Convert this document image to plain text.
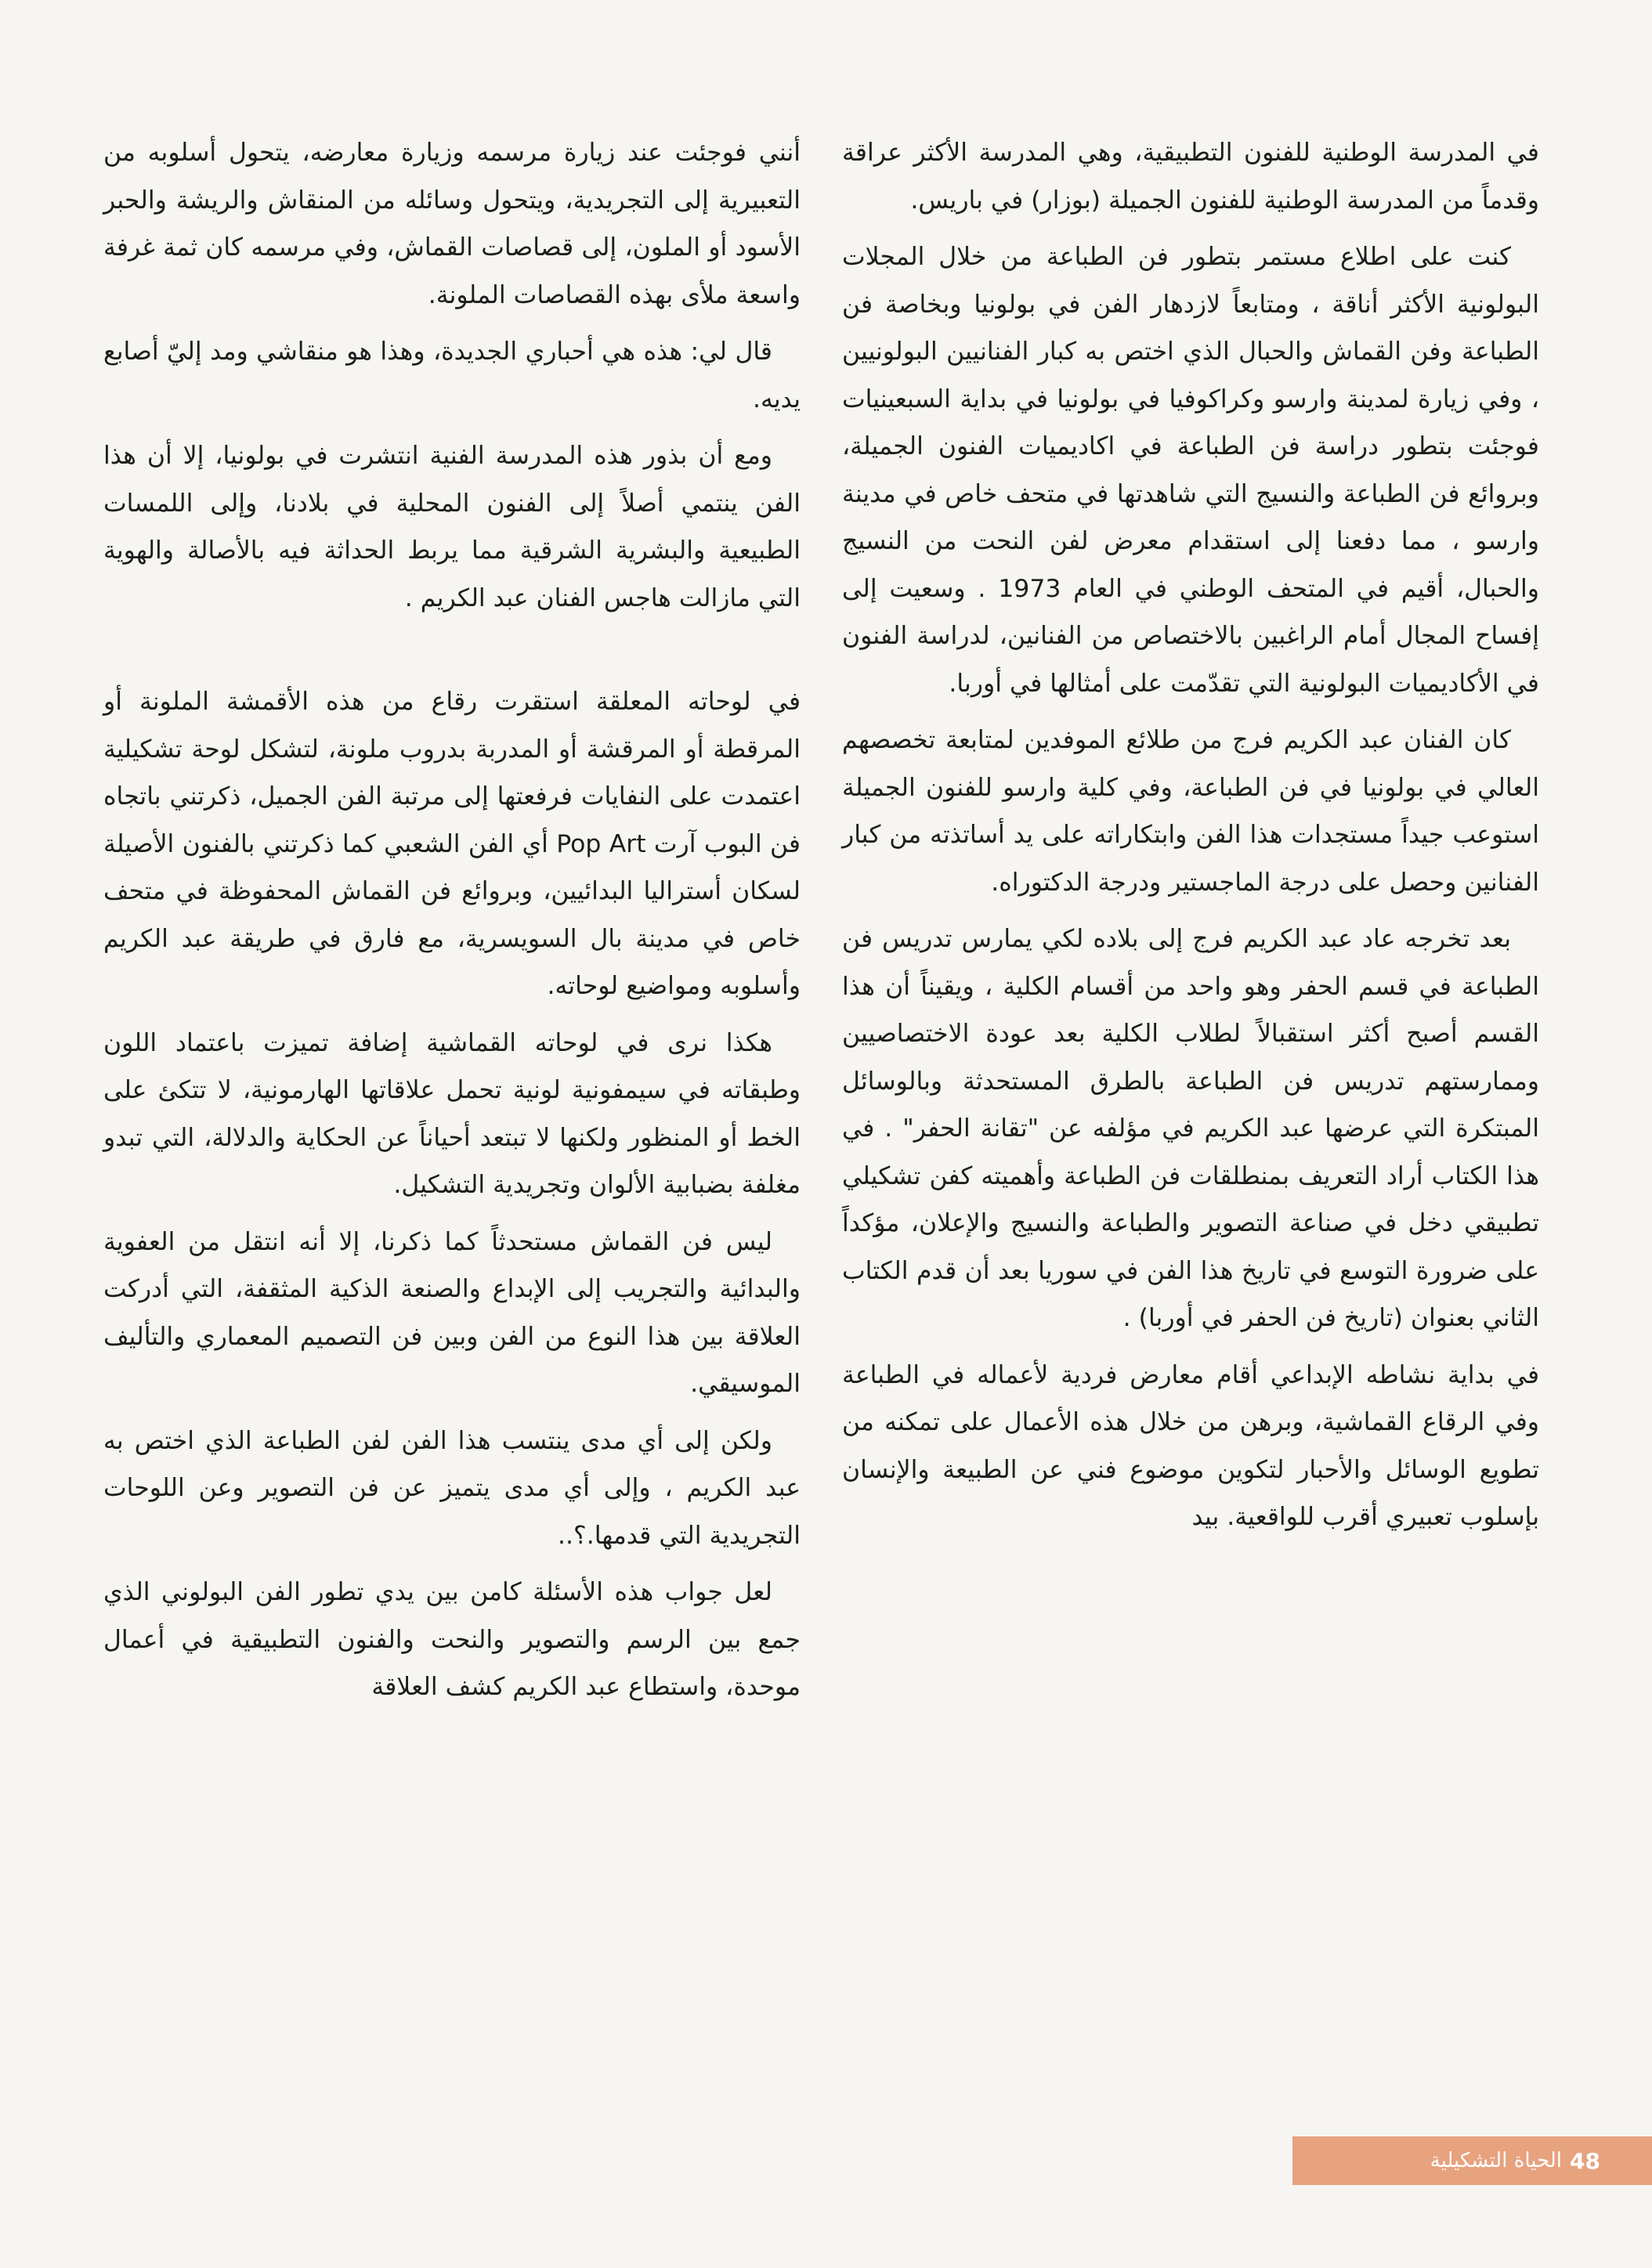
في المدرسة الوطنية للفنون التطبيقية، وهي المدرسة الأكثر عراقة وقدماً من المدرسة الوطنية للفنون الجميلة (بوزار) في باريس.

كنت على اطلاع مستمر بتطور فن الطباعة من خلال المجلات البولونية الأكثر أناقة ، ومتابعاً لازدهار الفن في بولونيا وبخاصة فن الطباعة وفن القماش والحبال الذي اختص به كبار الفنانيين البولونيين ، وفي زيارة لمدينة وارسو وكراكوفيا في بولونيا في بداية السبعينيات فوجئت بتطور دراسة فن الطباعة في اكاديميات الفنون الجميلة، وبروائع فن الطباعة والنسيج التي شاهدتها في متحف خاص في مدينة وارسو ، مما دفعنا إلى استقدام معرض لفن النحت من النسيج والحبال، أقيم في المتحف الوطني في العام 1973 . وسعيت إلى إفساح المجال أمام الراغبين بالاختصاص من الفنانين، لدراسة الفنون في الأكاديميات البولونية التي تقدّمت على أمثالها في أوربا.

كان الفنان عبد الكريم فرج من طلائع الموفدين لمتابعة تخصصهم العالي في بولونيا في فن الطباعة، وفي كلية وارسو للفنون الجميلة استوعب جيداً مستجدات هذا الفن وابتكاراته على يد أساتذته من كبار الفنانين وحصل على درجة الماجستير ودرجة الدكتوراه.

بعد تخرجه عاد عبد الكريم فرج إلى بلاده لكي يمارس تدريس فن الطباعة في قسم الحفر وهو واحد من أقسام الكلية ، ويقيناً أن هذا القسم أصبح أكثر استقبالاً لطلاب الكلية بعد عودة الاختصاصيين وممارستهم تدريس فن الطباعة بالطرق المستحدثة وبالوسائل المبتكرة التي عرضها عبد الكريم في مؤلفه عن "تقانة الحفر" . في هذا الكتاب أراد التعريف بمنطلقات فن الطباعة وأهميته كفن تشكيلي تطبيقي دخل في صناعة التصوير والطباعة والنسيج والإعلان، مؤكداً على ضرورة التوسع في تاريخ هذا الفن في سوريا بعد أن قدم الكتاب الثاني بعنوان (تاريخ فن الحفر في أوربا) .

في بداية نشاطه الإبداعي أقام معارض فردية لأعماله في الطباعة وفي الرقاع القماشية، وبرهن من خلال هذه الأعمال على تمكنه من تطويع الوسائل والأحبار لتكوين موضوع فني عن الطبيعة والإنسان بإسلوب تعبيري أقرب للواقعية. بيد

أنني فوجئت عند زيارة مرسمه وزيارة معارضه، يتحول أسلوبه من التعبيرية إلى التجريدية، ويتحول وسائله من المنقاش والريشة والحبر الأسود أو الملون، إلى قصاصات القماش، وفي مرسمه كان ثمة غرفة واسعة ملأى بهذه القصاصات الملونة.

قال لي: هذه هي أحباري الجديدة، وهذا هو منقاشي ومد إليّ أصابع يديه.

ومع أن بذور هذه المدرسة الفنية انتشرت في بولونيا، إلا أن هذا الفن ينتمي أصلاً إلى الفنون المحلية في بلادنا، وإلى اللمسات الطبيعية والبشرية الشرقية مما يربط الحداثة فيه بالأصالة والهوية التي مازالت هاجس الفنان عبد الكريم .

في لوحاته المعلقة استقرت رقاع من هذه الأقمشة الملونة أو المرقطة أو المرقشة أو المدربة بدروب ملونة، لتشكل لوحة تشكيلية اعتمدت على النفايات فرفعتها إلى مرتبة الفن الجميل، ذكرتني باتجاه فن البوب آرت Pop Art أي الفن الشعبي كما ذكرتني بالفنون الأصيلة لسكان أستراليا البدائيين، وبروائع فن القماش المحفوظة في متحف خاص في مدينة بال السويسرية، مع فارق في طريقة عبد الكريم وأسلوبه ومواضيع لوحاته.

هكذا نرى في لوحاته القماشية إضافة تميزت باعتماد اللون وطبقاته في سيمفونية لونية تحمل علاقاتها الهارمونية، لا تتكئ على الخط أو المنظور ولكنها لا تبتعد أحياناً عن الحكاية والدلالة، التي تبدو مغلفة بضبابية الألوان وتجريدية التشكيل.

ليس فن القماش مستحدثاً كما ذكرنا، إلا أنه انتقل من العفوية والبدائية والتجريب إلى الإبداع والصنعة الذكية المثقفة، التي أدركت العلاقة بين هذا النوع من الفن وبين فن التصميم المعماري والتأليف الموسيقي.

ولكن إلى أي مدى ينتسب هذا الفن لفن الطباعة الذي اختص به عبد الكريم ، وإلى أي مدى يتميز عن فن التصوير وعن اللوحات التجريدية التي قدمها.؟..

لعل جواب هذه الأسئلة كامن بين يدي تطور الفن البولوني الذي جمع بين الرسم والتصوير والنحت والفنون التطبيقية في أعمال موحدة، واستطاع عبد الكريم كشف العلاقة

48
الحياة التشكيلية
